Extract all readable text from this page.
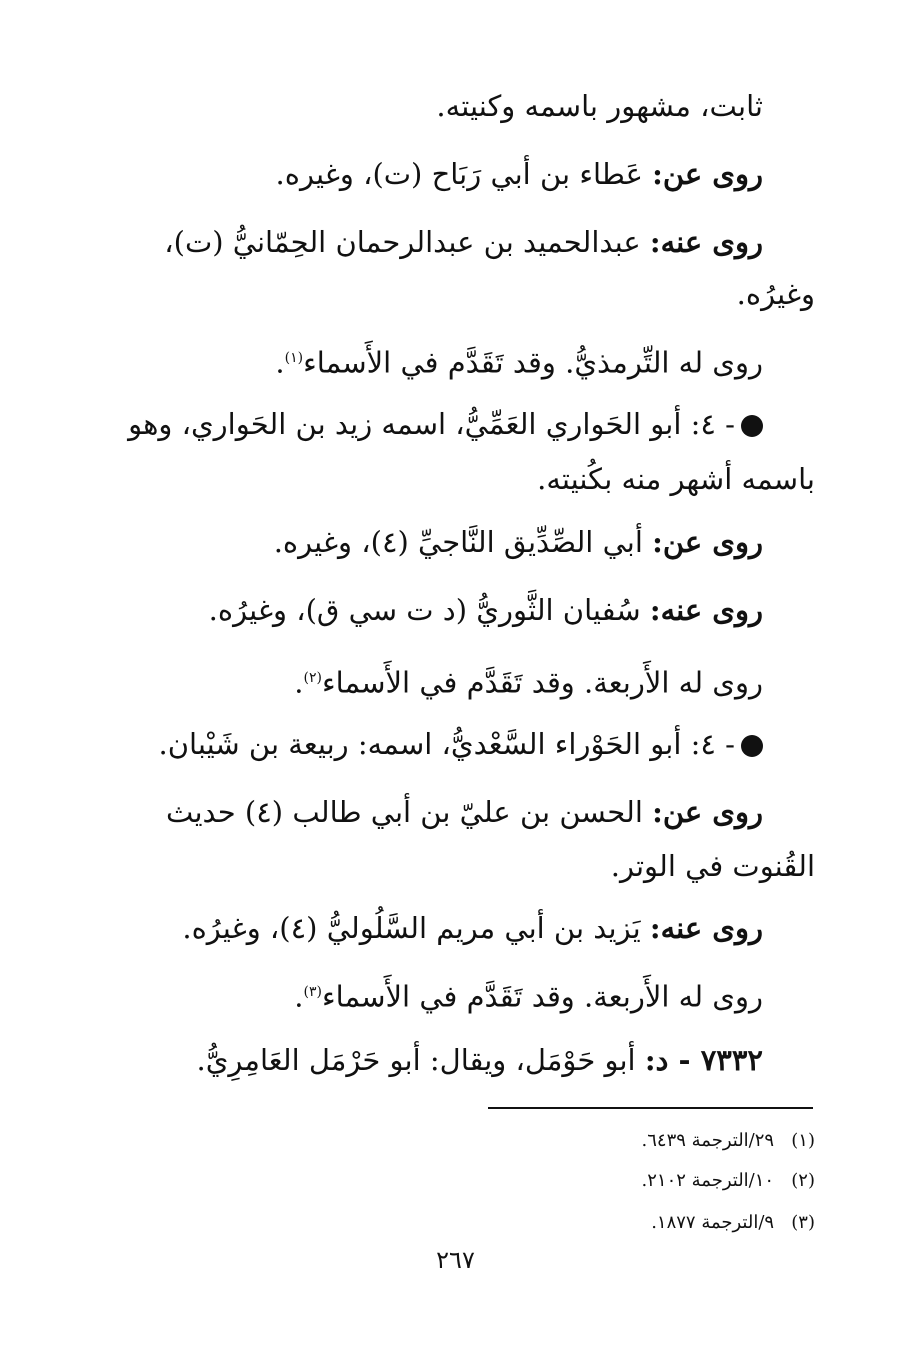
ثابت، مشهور باسمه وكنيته.
روى عن: عَطاء بن أبي رَبَاح (ت)، وغيره.
روى عنه: عبدالحميد بن عبدالرحمان الحِمّانيُّ (ت)،
وغيرُه.
روى له التِّرمذيُّ. وقد تَقَدَّم في الأَسماء$^{(١)}$.
- ٤: أبو الحَواري العَمِّيُّ، اسمه زيد بن الحَواري، وهو
باسمه أشهر منه بكُنيته.
روى عن: أبي الصِّدِّيق النَّاجيِّ (٤)، وغيره.
روى عنه: سُفيان الثَّوريُّ (د ت سي ق)، وغيرُه.
روى له الأَربعة. وقد تَقَدَّم في الأَسماء$^{(٢)}$.
- ٤: أبو الحَوْراء السَّعْديُّ، اسمه: ربيعة بن شَيْبان.
روى عن: الحسن بن عليّ بن أبي طالب (٤) حديث
القُنوت في الوتر.
روى عنه: يَزيد بن أبي مريم السَّلُوليُّ (٤)، وغيرُه.
روى له الأَربعة. وقد تَقَدَّم في الأَسماء$^{(٣)}$.
٧٣٣٢ - د: أبو حَوْمَل، ويقال: أبو حَرْمَل العَامِرِيُّ.
(١)   ٢٩/الترجمة ٦٤٣٩.
(٢)   ١٠/الترجمة ٢١٠٢.
(٣)   ٩/الترجمة ١٨٧٧.
٢٦٧
